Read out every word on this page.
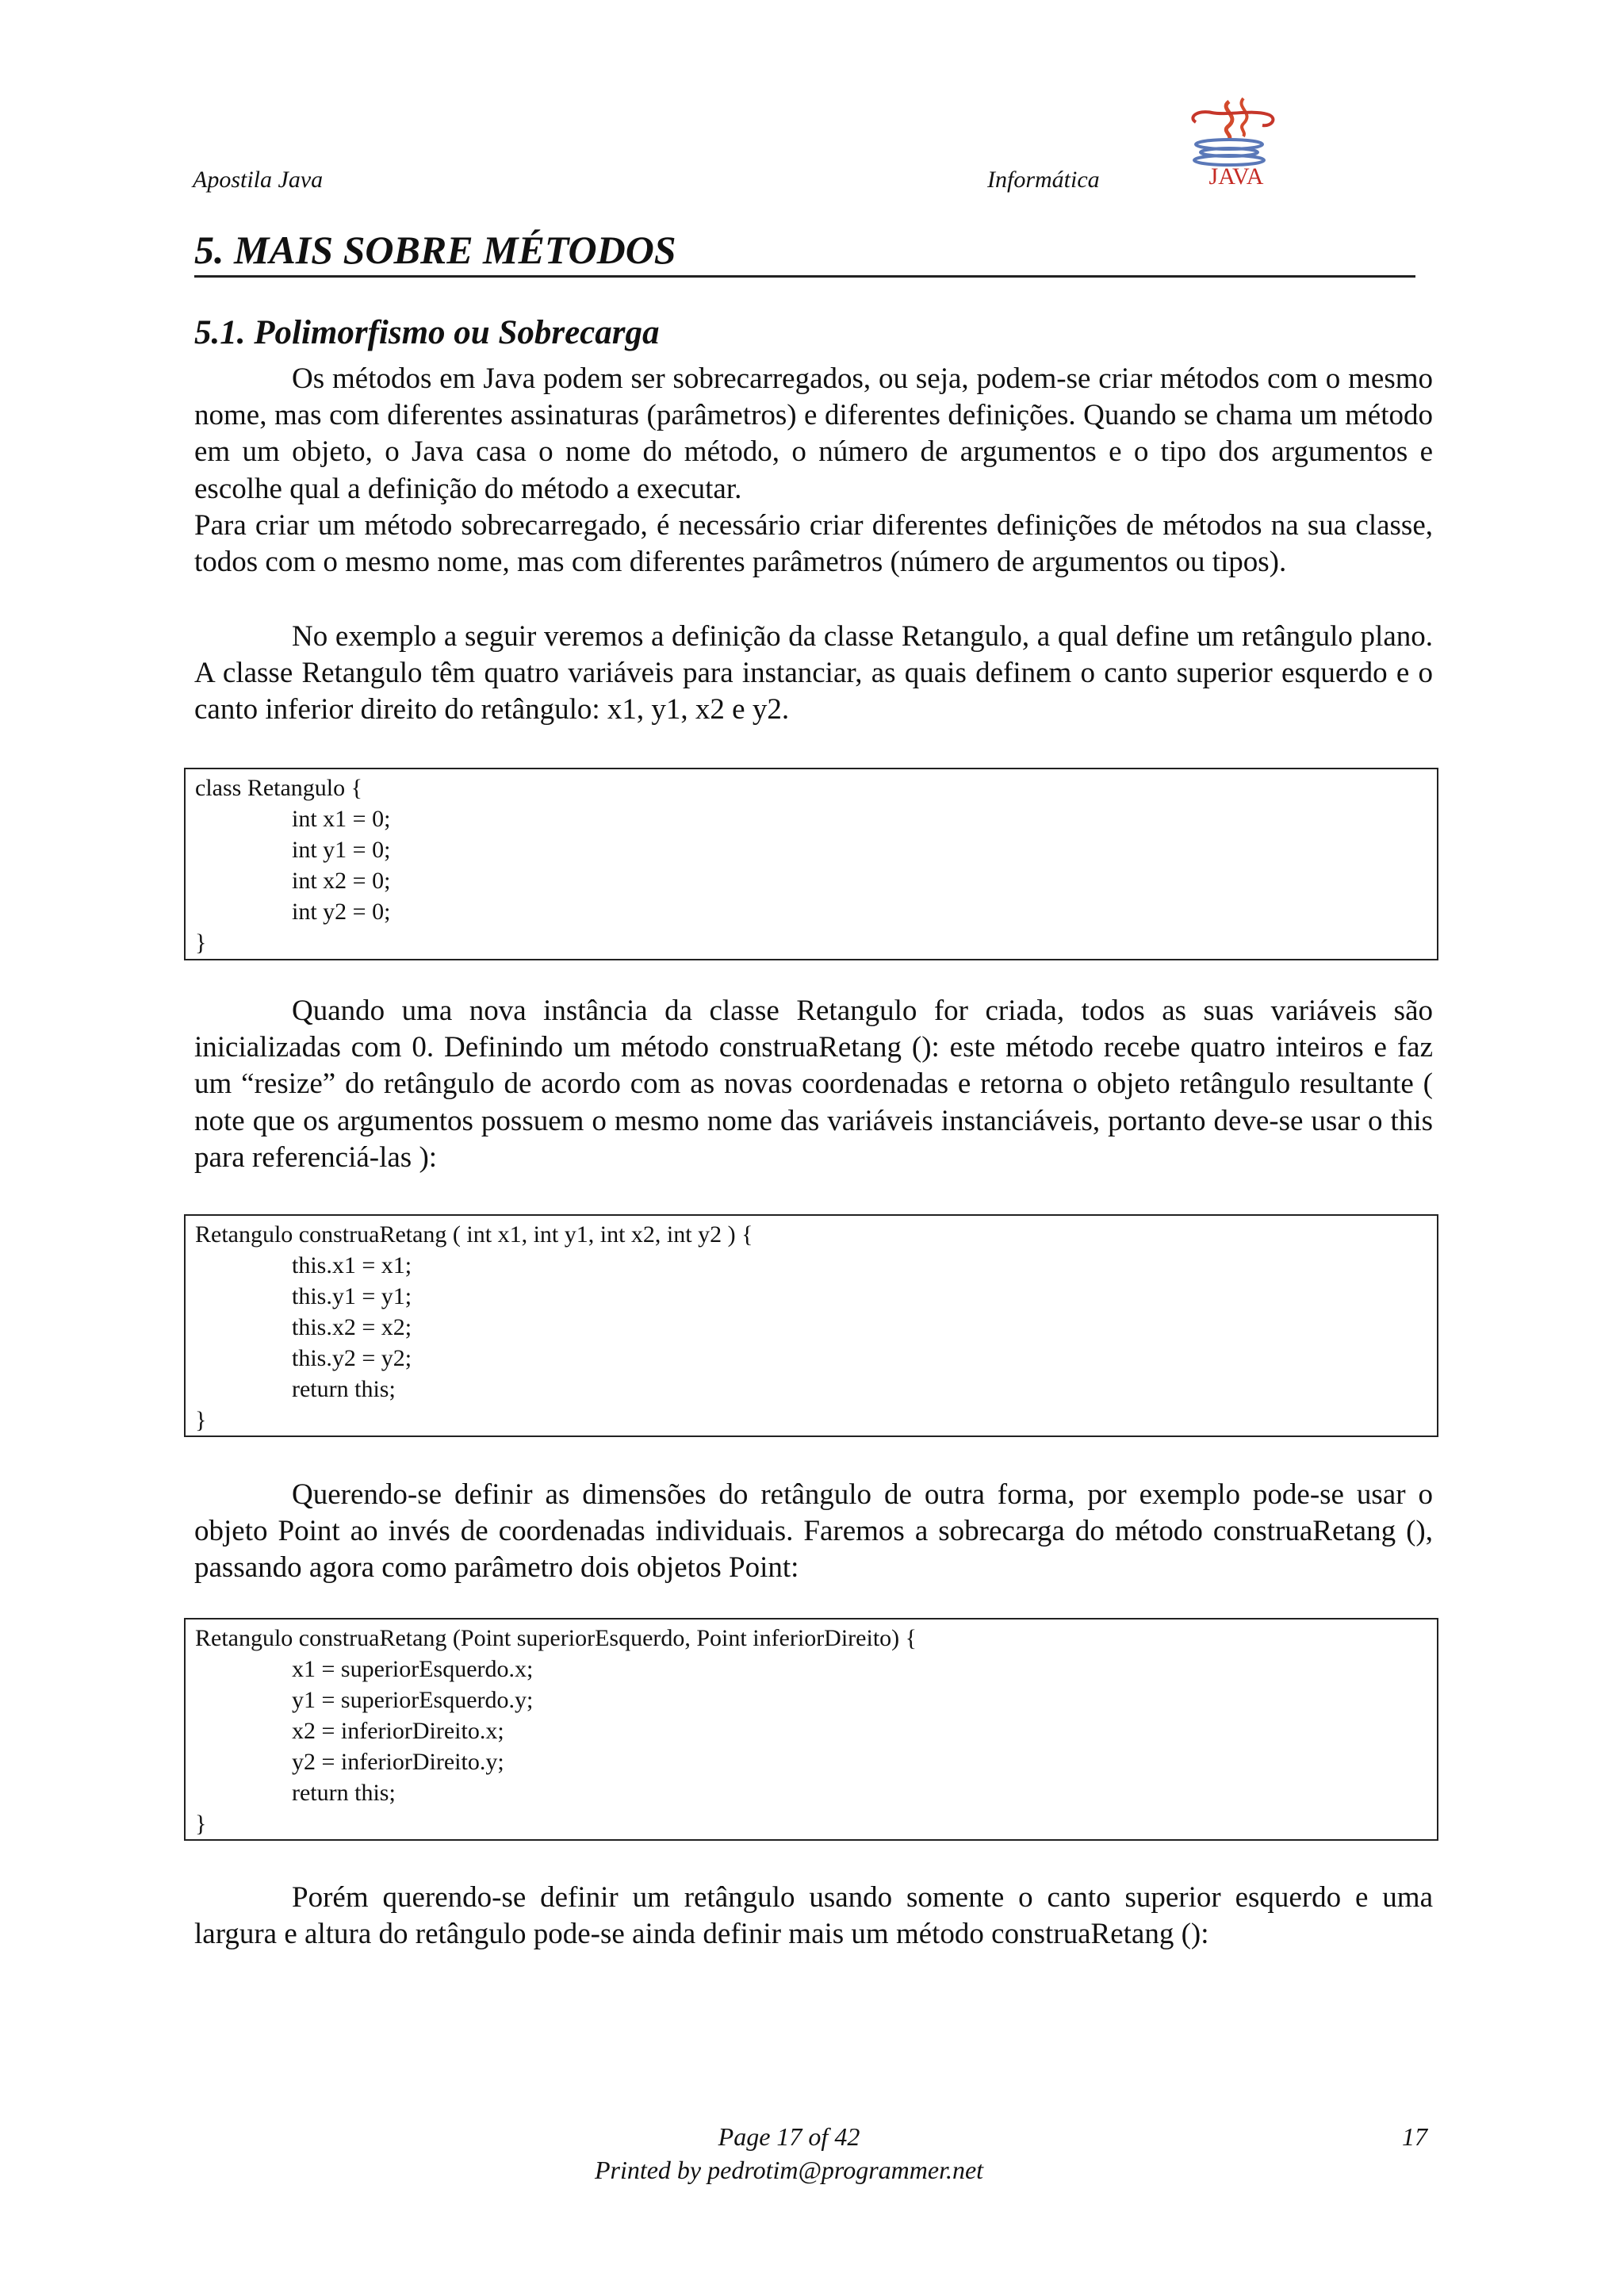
Apostila Java	Informática	JAVA
5. MAIS SOBRE MÉTODOS
5.1. Polimorfismo ou Sobrecarga

Os métodos em Java podem ser sobrecarregados, ou seja, podem-se criar métodos com o mesmo nome, mas com diferentes assinaturas (parâmetros) e diferentes definições. Quando se chama um método em um objeto, o Java casa o nome do método, o número de argumentos e o tipo dos argumentos e escolhe qual a definição do método a executar.

Para criar um método sobrecarregado, é necessário criar diferentes definições de métodos na sua classe, todos com o mesmo nome, mas com diferentes parâmetros (número de argumentos ou tipos).

No exemplo a seguir veremos a definição da classe Retangulo, a qual define um retângulo plano. A classe Retangulo têm quatro variáveis para instanciar, as quais definem o canto superior esquerdo e o canto inferior direito do retângulo: x1, y1, x2 e y2.

class Retangulo {
int x1 = 0;
int y1 = 0;
int x2 = 0;
int y2 = 0;
}

Quando uma nova instância da classe Retangulo for criada, todos as suas variáveis são inicializadas com 0. Definindo um método construaRetang (): este método recebe quatro inteiros e faz um “resize” do retângulo de acordo com as novas coordenadas e retorna o objeto retângulo resultante ( note que os argumentos possuem o mesmo nome das variáveis instanciáveis, portanto deve-se usar o this para referenciá-las ):

Retangulo construaRetang ( int x1, int y1, int x2, int y2 ) {
this.x1 = x1;
this.y1 = y1;
this.x2 = x2;
this.y2 = y2;
return this;
}

Querendo-se definir as dimensões do retângulo de outra forma, por exemplo pode-se usar o objeto Point ao invés de coordenadas individuais. Faremos a sobrecarga do método construaRetang (), passando agora como parâmetro dois objetos Point:

Retangulo construaRetang (Point superiorEsquerdo, Point inferiorDireito) {
x1 = superiorEsquerdo.x;
y1 = superiorEsquerdo.y;
x2 = inferiorDireito.x;
y2 = inferiorDireito.y;
return this;
}

Porém querendo-se definir um retângulo usando somente o canto superior esquerdo e uma largura e altura do retângulo pode-se ainda definir mais um método construaRetang ():

Page 17 of 42
Printed by pedrotim@programmer.net
17
